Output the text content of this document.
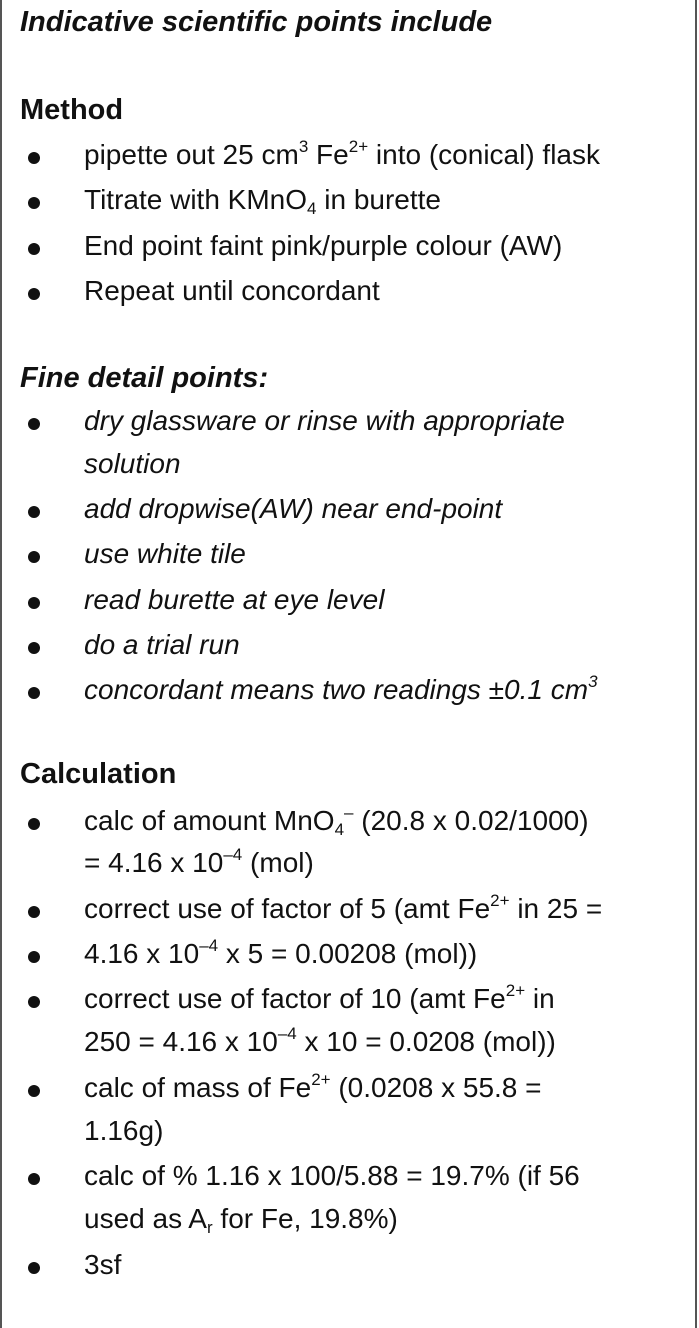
Indicative scientific points include
Method
pipette out 25 $cm^3$ $Fe^{2+}$ into (conical) flask
Titrate with KMnO$_4$ in burette
End point faint pink/purple colour (AW)
Repeat until concordant
Fine detail points:
dry glassware or rinse with appropriate
solution
add dropwise(AW) near end-point
use white tile
read burette at eye level
do a trial run
concordant means two readings ±0.1 $cm^3$
Calculation
calc of amount MnO$_4$– (20.8 x 0.02/1000)
= 4.16 x $10^{-4}$ (mol)
correct use of factor of 5 (amt $Fe^{2+}$ in 25 =
4.16 x $10^{-4}$ x 5 = 0.00208 (mol))
correct use of factor of 10 (amt $Fe^{2+}$ in
250 = 4.16 x $10^{-4}$ x 10 = 0.0208 (mol))
calc of mass of $Fe^{2+}$ (0.0208 x 55.8 =
1.16g)
calc of % 1.16 x 100/5.88 = 19.7% (if 56
used as $A_r$ for Fe, 19.8%)
3sf
